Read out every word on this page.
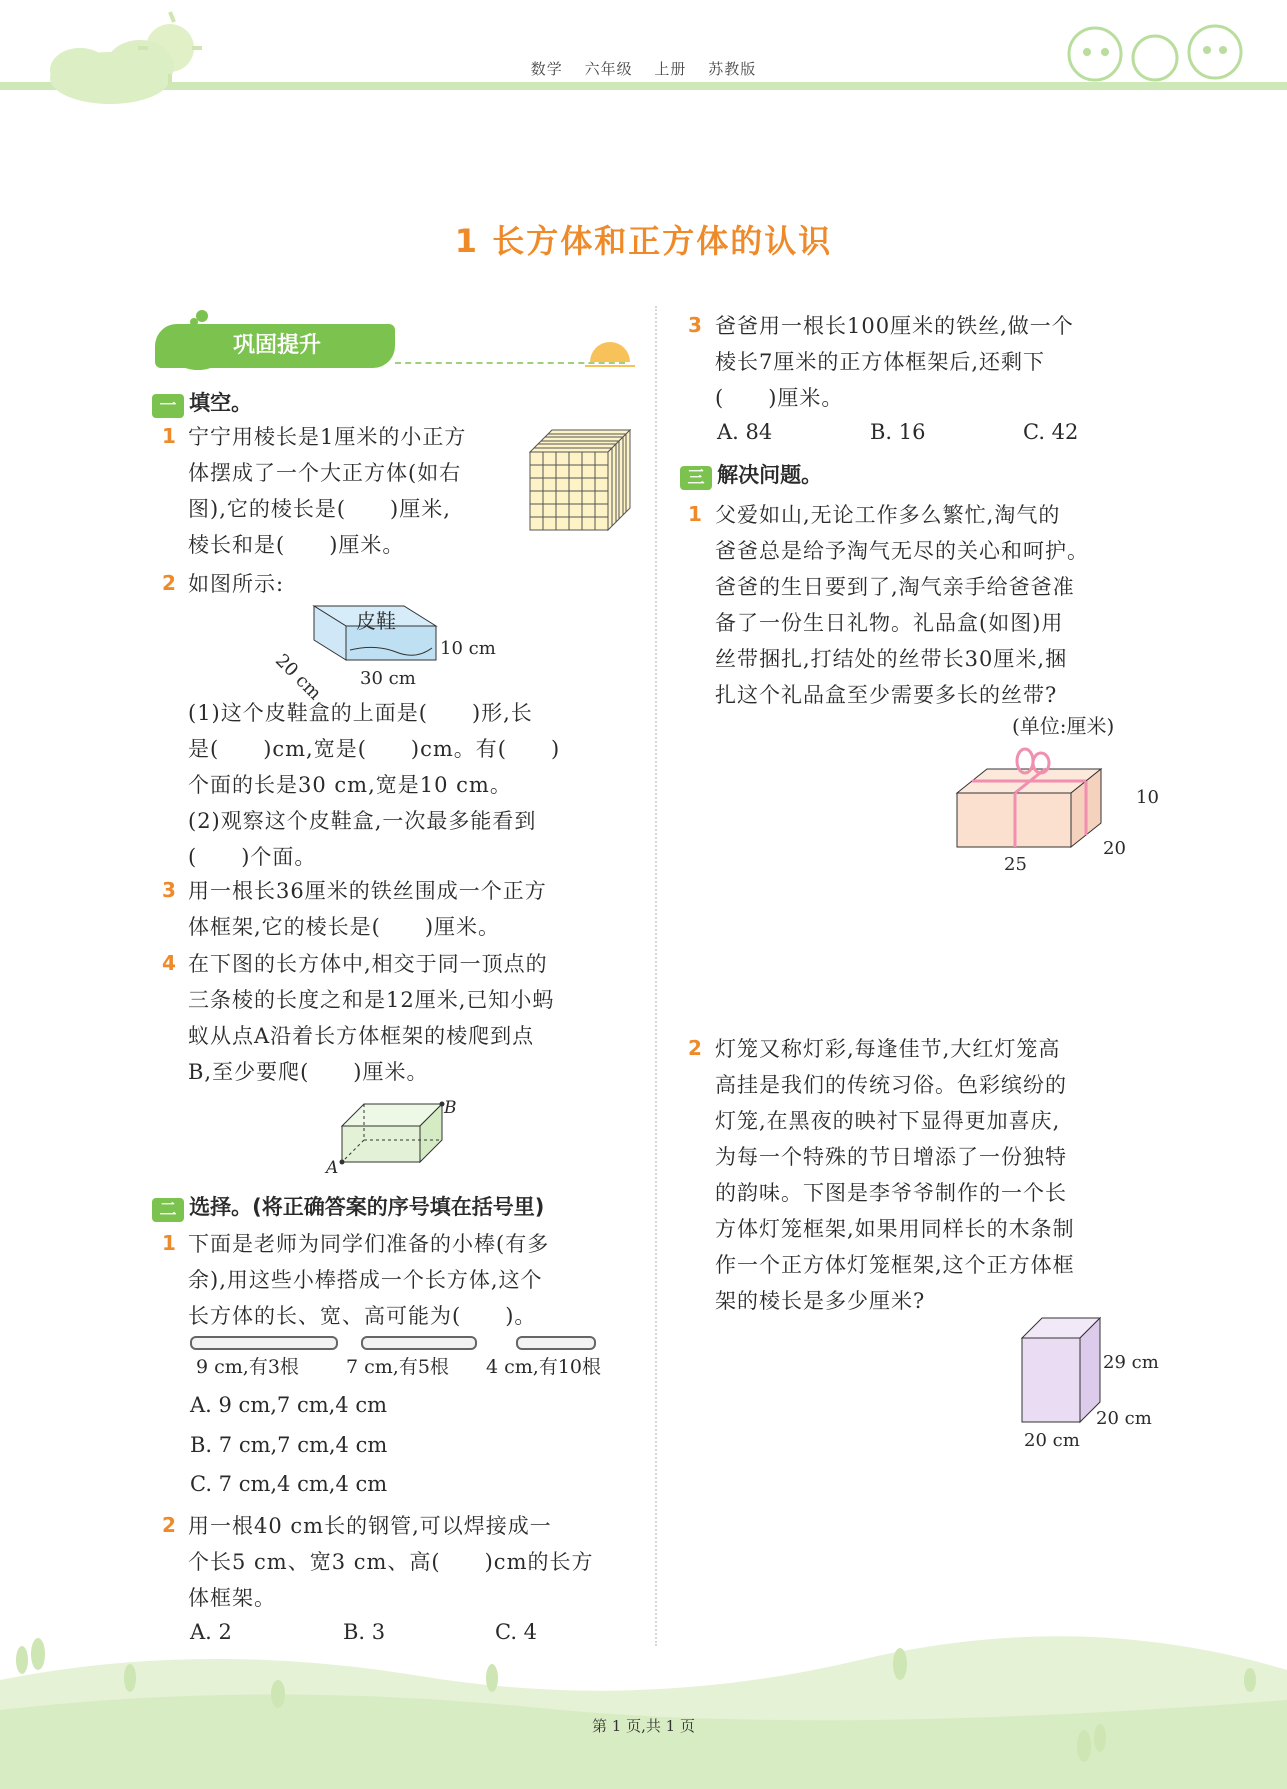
数学 六年级 上册 苏教版
1 长方体和正方体的认识
巩固提升
一 填空。
1 宁宁用棱长是1厘米的小正方
体摆成了一个大正方体(如右
图),它的棱长是(　　)厘米,
棱长和是(　　)厘米。
2 如图所示:
皮鞋
10 cm
20 cm 30 cm
(1)这个皮鞋盒的上面是(　　)形,长
是(　　)cm,宽是(　　)cm。有(　　)
个面的长是30 cm,宽是10 cm。
(2)观察这个皮鞋盒,一次最多能看到
(　　)个面。
3 用一根长36厘米的铁丝围成一个正方
体框架,它的棱长是(　　)厘米。
4 在下图的长方体中,相交于同一顶点的
三条棱的长度之和是12厘米,已知小蚂
蚁从点A沿着长方体框架的棱爬到点
B,至少要爬(　　)厘米。
B
A
二 选择。(将正确答案的序号填在括号里)
1 下面是老师为同学们准备的小棒(有多
余),用这些小棒搭成一个长方体,这个
长方体的长、宽、高可能为(　　)。

9 cm,有3根 7 cm,有5根 4 cm,有10根
A. 9 cm,7 cm,4 cm
B. 7 cm,7 cm,4 cm
C. 7 cm,4 cm,4 cm
2 用一根40 cm长的钢管,可以焊接成一
个长5 cm、宽3 cm、高(　　)cm的长方
体框架。
A. 2	B. 3	C. 4
3 爸爸用一根长100厘米的铁丝,做一个
棱长7厘米的正方体框架后,还剩下
(　　)厘米。
A. 84	B. 16	C. 42
三 解决问题。
1 父爱如山,无论工作多么繁忙,淘气的
爸爸总是给予淘气无尽的关心和呵护。
爸爸的生日要到了,淘气亲手给爸爸准
备了一份生日礼物。礼品盒(如图)用
丝带捆扎,打结处的丝带长30厘米,捆
扎这个礼品盒至少需要多长的丝带?
(单位:厘米)
10
20
25
2 灯笼又称灯彩,每逢佳节,大红灯笼高
高挂是我们的传统习俗。色彩缤纷的
灯笼,在黑夜的映衬下显得更加喜庆,
为每一个特殊的节日增添了一份独特
的韵味。下图是李爷爷制作的一个长
方体灯笼框架,如果用同样长的木条制
作一个正方体灯笼框架,这个正方体框
架的棱长是多少厘米?
29 cm
20 cm
20 cm
第 1 页,共 1 页
